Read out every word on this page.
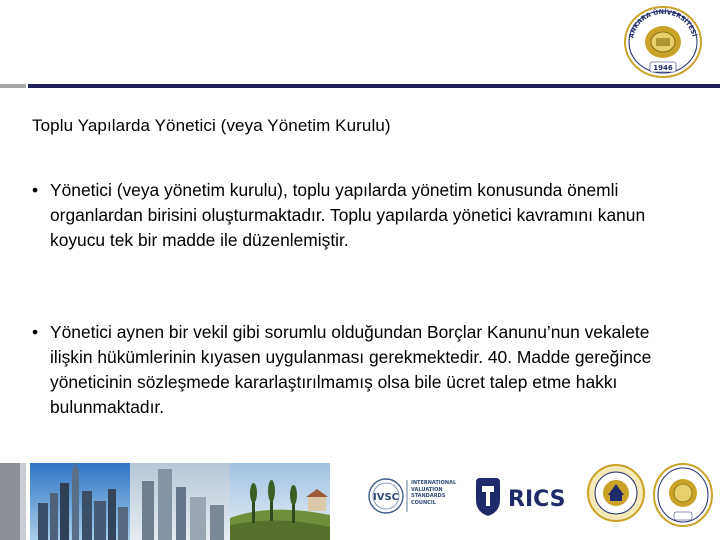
ANKARA ÜNİVERSİTESİ
1946
Toplu Yapılarda Yönetici (veya Yönetim Kurulu)
• Yönetici (veya yönetim kurulu), toplu yapılarda yönetim konusunda önemli organlardan birisini oluşturmaktadır. Toplu yapılarda yönetici kavramını kanun koyucu tek bir madde ile düzenlemiştir.
• Yönetici aynen bir vekil gibi sorumlu olduğundan Borçlar Kanunu’nun vekalete ilişkin hükümlerinin kıyasen uygulanması gerekmektedir. 40. Madde gereğince yöneticinin sözleşmede kararlaştırılmamış olsa bile ücret talep etme hakkı bulunmaktadır.
IVSC
INTERNATIONAL VALUATION STANDARDS COUNCIL	RICS
